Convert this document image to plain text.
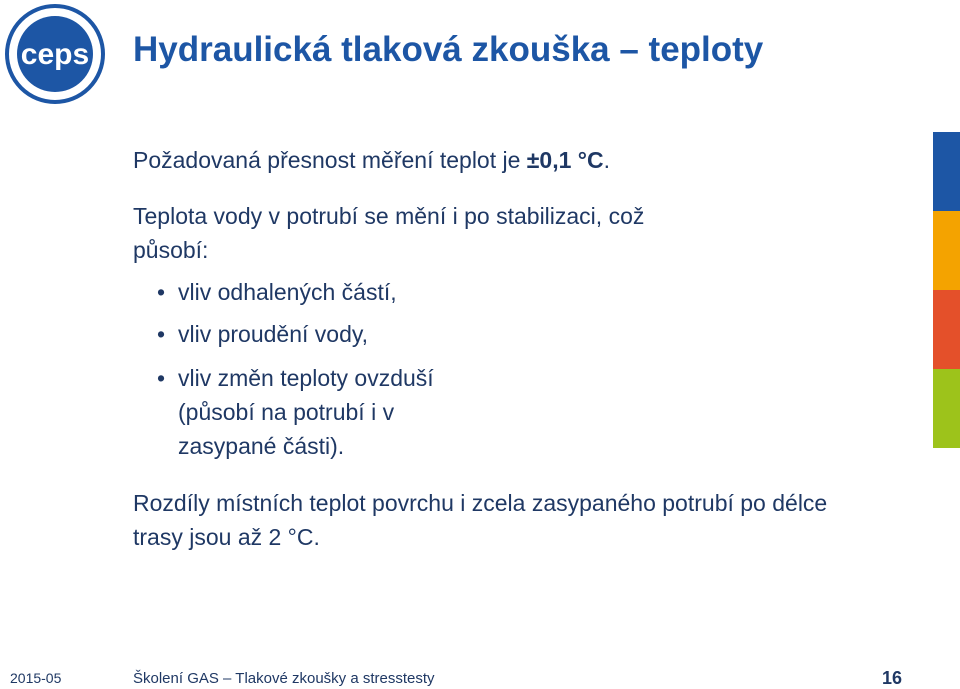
ceps Hydraulická tlaková zkouška – teploty
Požadovaná přesnost měření teplot je ±0,1 °C.
Teplota vody v potrubí se mění i po stabilizaci, což působí:
• vliv odhalených částí,
• vliv proudění vody,
• vliv změn teploty ovzduší (působí na potrubí i v zasypané části).
Rozdíly místních teplot povrchu i zcela zasypaného potrubí po délce trasy jsou až 2 °C.
2015-05	Školení GAS – Tlakové zkoušky a stresstesty	16
